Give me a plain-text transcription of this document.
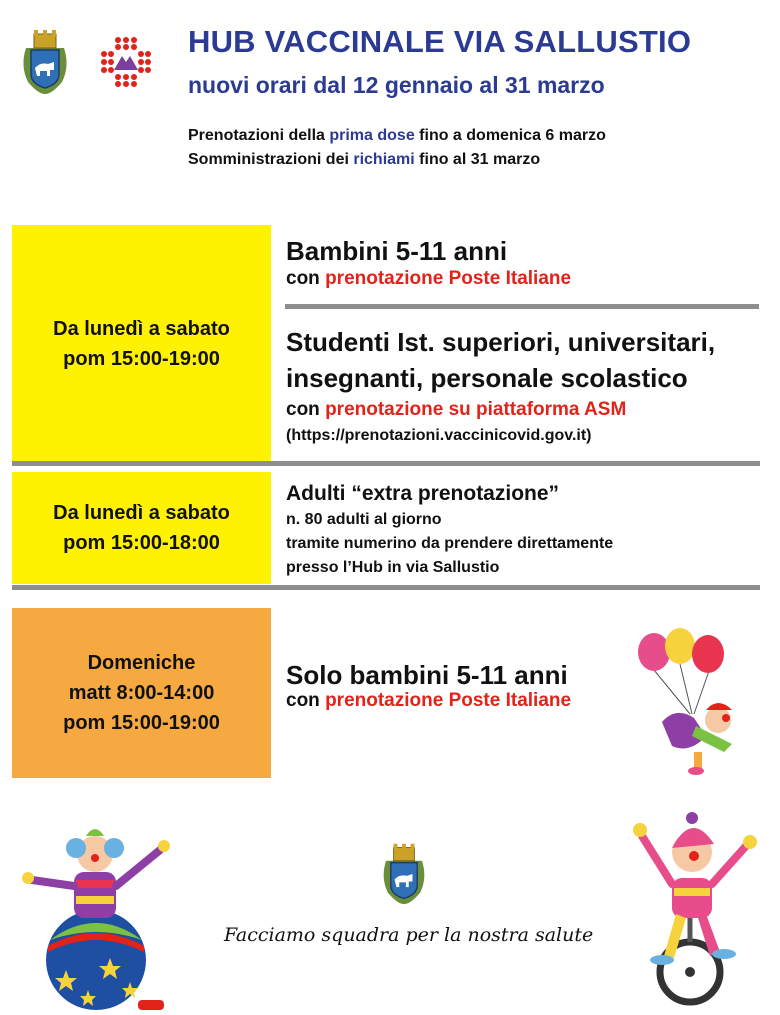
HUB VACCINALE VIA SALLUSTIO
nuovi orari dal 12 gennaio al 31 marzo
Prenotazioni della prima dose fino a domenica 6 marzo
Somministrazioni dei richiami fino al 31 marzo
Da lunedì a sabato
pom 15:00-19:00
Da lunedì a sabato
pom 15:00-18:00
Domeniche
matt 8:00-14:00
pom 15:00-19:00
Bambini 5-11 anni
con prenotazione Poste Italiane
Studenti Ist. superiori, universitari,
insegnanti, personale scolastico
con prenotazione su piattaforma ASM
(https://prenotazioni.vaccinicovid.gov.it)
Adulti “extra prenotazione”
n. 80 adulti al giorno
tramite numerino da prendere direttamente
presso l’Hub in via Sallustio
Solo bambini 5-11 anni
con prenotazione Poste Italiane
Facciamo squadra per la nostra salute
